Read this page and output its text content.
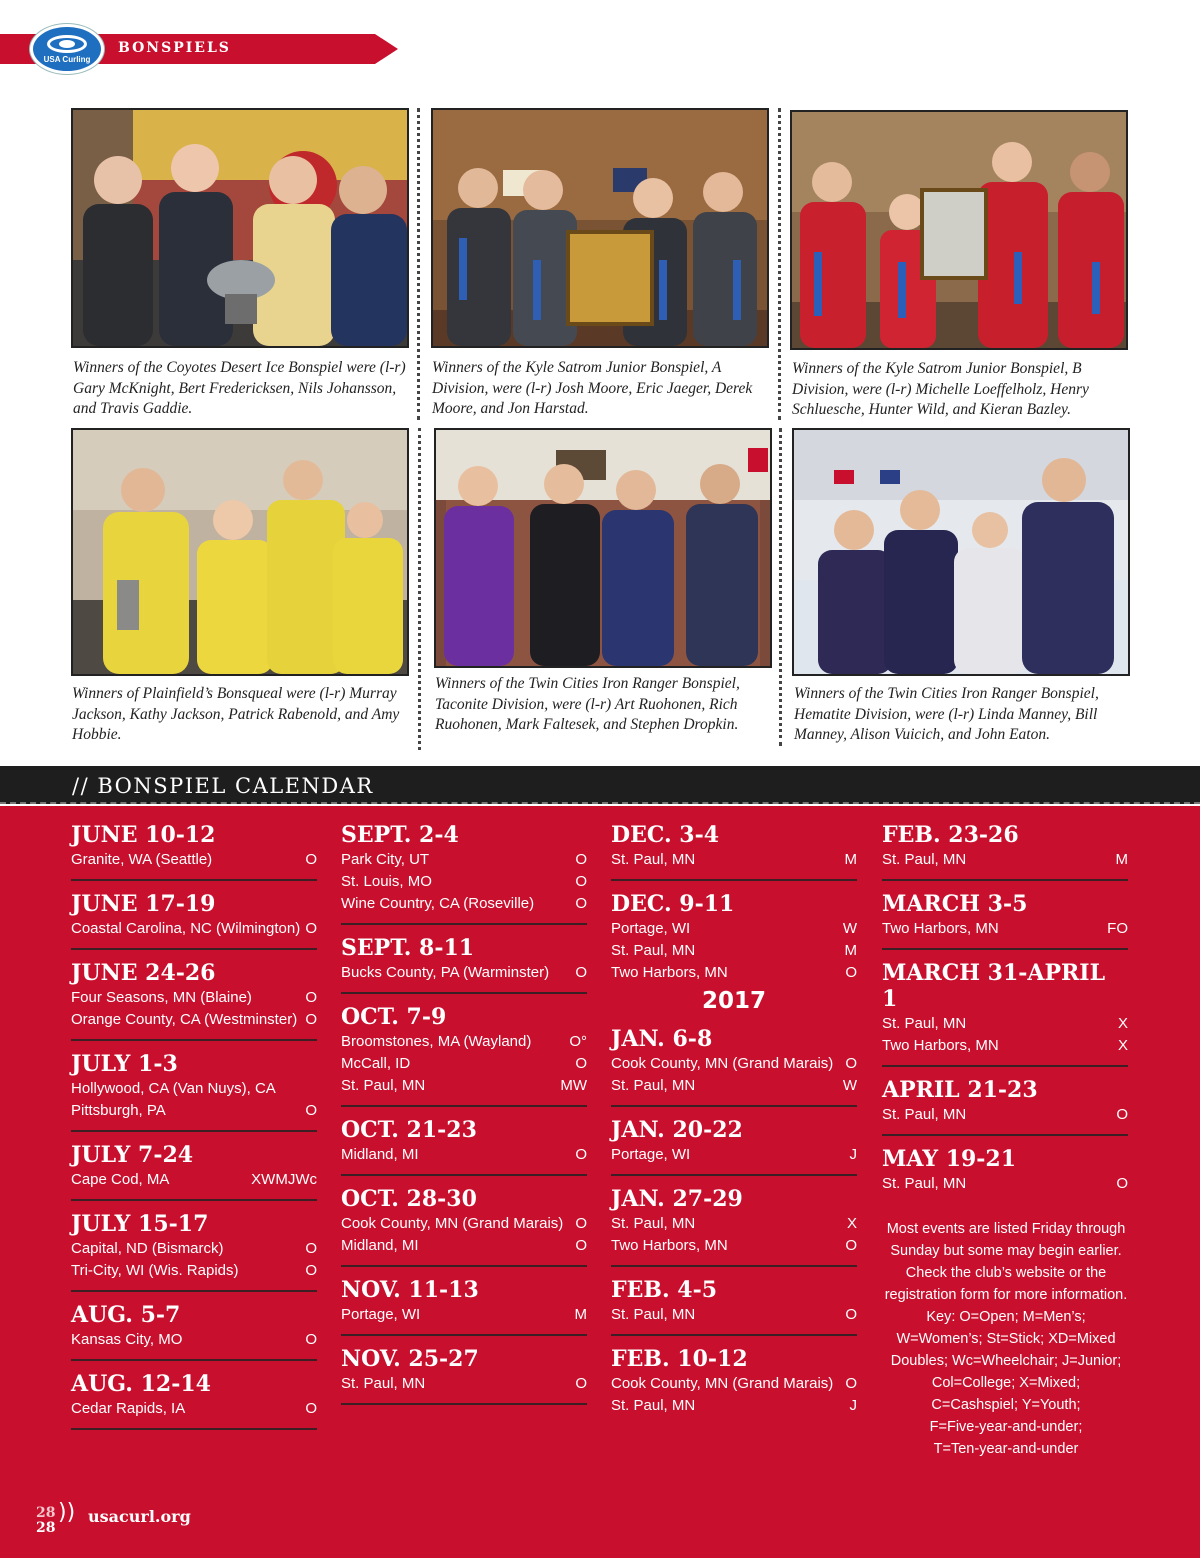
BONSPIELS
USA Curling
Winners of the Coyotes Desert Ice Bonspiel were (l-r) Gary McKnight, Bert Fredericksen, Nils Johansson, and Travis Gaddie.
Winners of the Kyle Satrom Junior Bonspiel, A Division, were (l-r) Josh Moore, Eric Jaeger, Derek Moore, and Jon Harstad.
Winners of the Kyle Satrom Junior Bonspiel, B Division, were (l-r) Michelle Loeffelholz, Henry Schluesche, Hunter Wild, and Kieran Bazley.
Winners of Plainfield’s Bonsqueal were (l-r) Murray Jackson, Kathy Jackson, Patrick Rabenold, and Amy Hobbie.
Winners of the Twin Cities Iron Ranger Bonspiel, Taconite Division, were (l-r) Art Ruohonen, Rich Ruohonen, Mark Faltesek, and Stephen Dropkin.
Winners of the Twin Cities Iron Ranger Bonspiel, Hematite Division, were (l-r) Linda Manney, Bill Manney, Alison Vuicich, and John Eaton.
// BONSPIEL CALENDAR
JUNE 10-12
Granite, WA (Seattle)	O
JUNE 17-19
Coastal Carolina, NC (Wilmington) O
JUNE 24-26
Four Seasons, MN (Blaine)	O
Orange County, CA (Westminster) O
JULY 1-3
Hollywood, CA (Van Nuys), CA
Pittsburgh, PA	O
JULY 7-24
Cape Cod, MA	XWMJWc
JULY 15-17
Capital, ND (Bismarck)	O
Tri-City, WI (Wis. Rapids)	O
AUG. 5-7
Kansas City, MO	O
AUG. 12-14
Cedar Rapids, IA	O
SEPT. 2-4
Park City, UT	O
St. Louis, MO	O
Wine Country, CA (Roseville)	O
SEPT. 8-11
Bucks County, PA (Warminster) O
OCT. 7-9
Broomstones, MA (Wayland)	O°
McCall, ID	O
St. Paul, MN	MW
OCT. 21-23
Midland, MI	O
OCT. 28-30
Cook County, MN (Grand Marais) O
Midland, MI	O
NOV. 11-13
Portage, WI	M
NOV. 25-27
St. Paul, MN	O
DEC. 3-4
St. Paul, MN	M
DEC. 9-11
Portage, WI	W
St. Paul, MN	M
Two Harbors, MN	O
2017
JAN. 6-8
Cook County, MN (Grand Marais) O
St. Paul, MN	W
JAN. 20-22
Portage, WI	J
JAN. 27-29
St. Paul, MN	X
Two Harbors, MN	O
FEB. 4-5
St. Paul, MN	O
FEB. 10-12
Cook County, MN (Grand Marais) O
St. Paul, MN	J
FEB. 23-26
St. Paul, MN	M
MARCH 3-5
Two Harbors, MN	FO
MARCH 31-APRIL 1
St. Paul, MN	X
Two Harbors, MN	X
APRIL 21-23
St. Paul, MN	O
MAY 19-21
St. Paul, MN	O
Most events are listed Friday through
Sunday but some may begin earlier.
Check the club’s website or the
registration form for more information.
Key: O=Open; M=Men’s;
W=Women’s; St=Stick; XD=Mixed
Doubles; Wc=Wheelchair; J=Junior;
Col=College; X=Mixed;
C=Cashspiel; Y=Youth;
F=Five-year-and-under;
T=Ten-year-and-under
28
28
)) usacurl.org
